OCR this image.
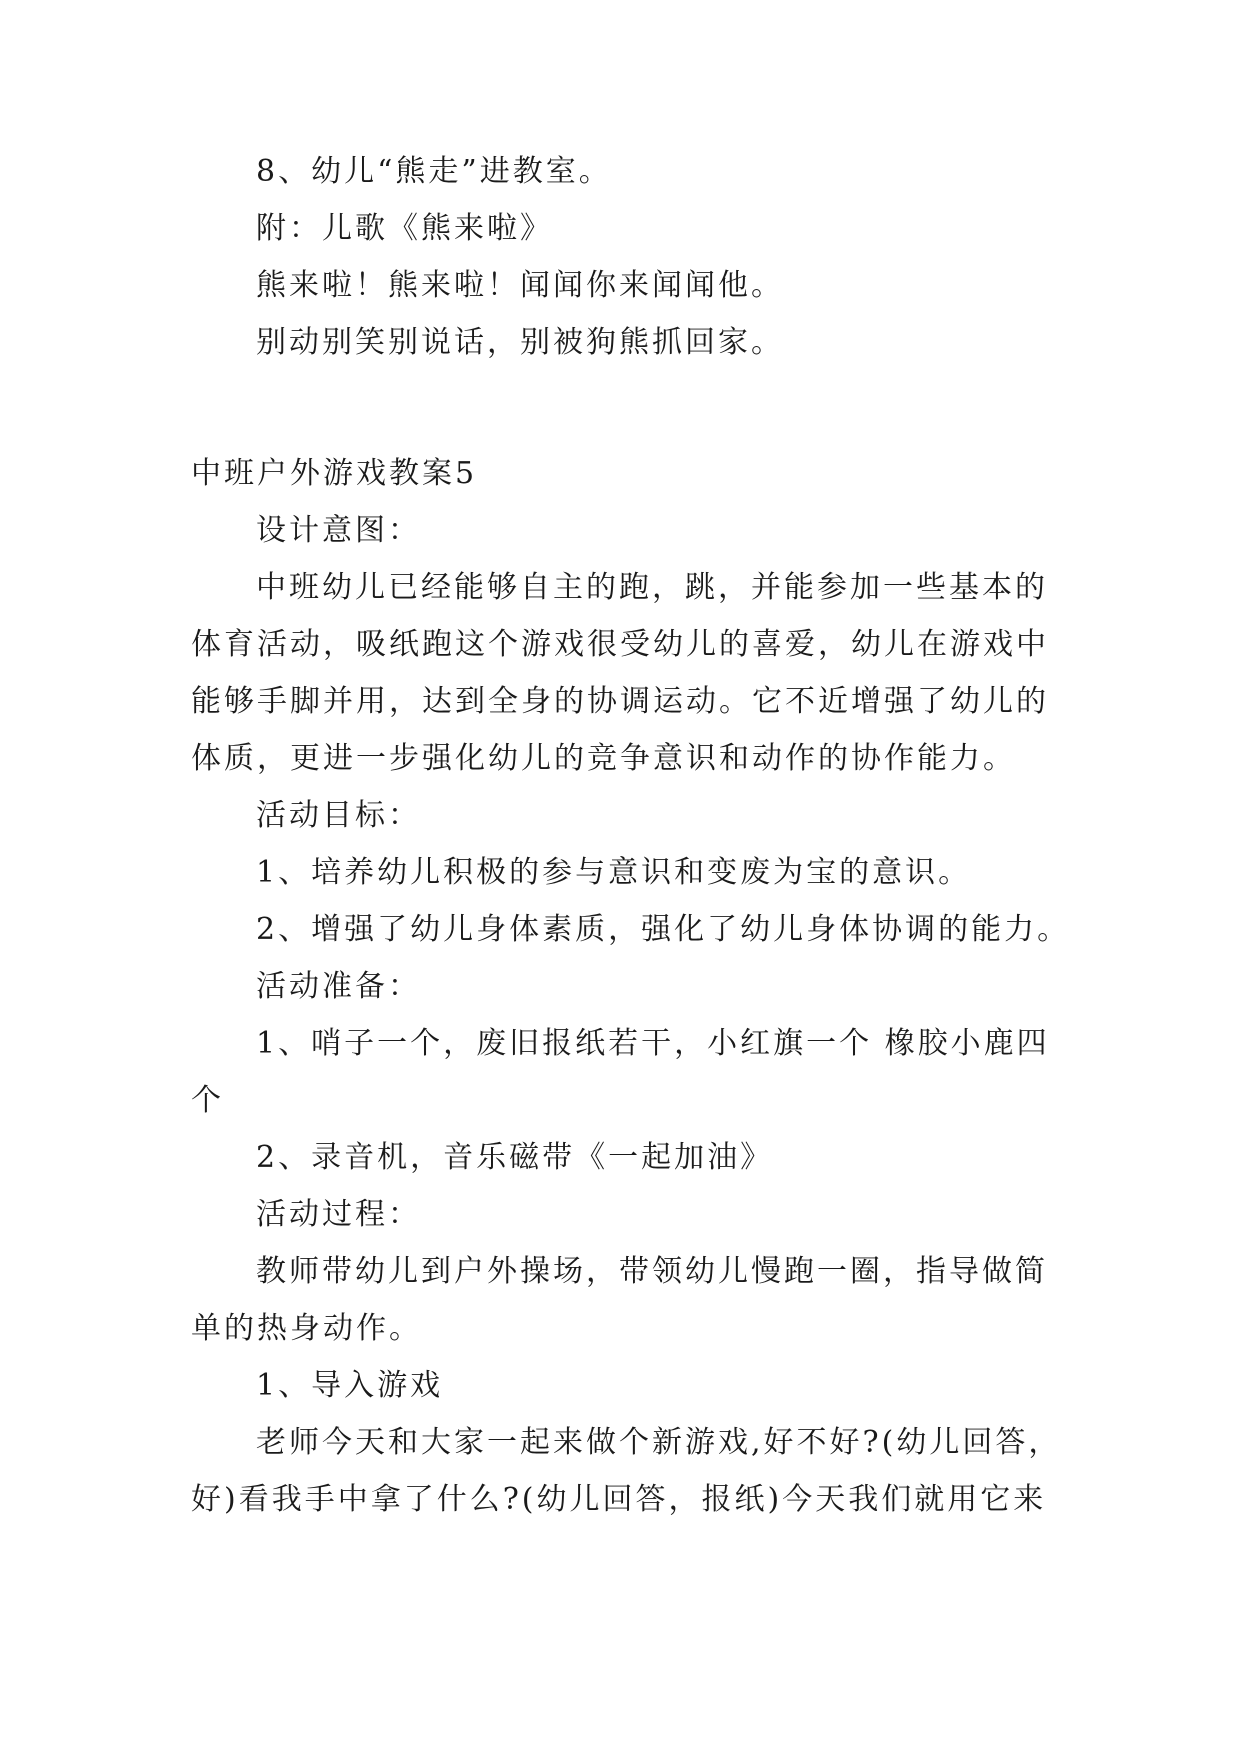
8、幼儿“熊走”进教室。

附：儿歌《熊来啦》

熊来啦！熊来啦！闻闻你来闻闻他。

别动别笑别说话，别被狗熊抓回家。

中班户外游戏教案5

设计意图：

中班幼儿已经能够自主的跑，跳，并能参加一些基本的

体育活动，吸纸跑这个游戏很受幼儿的喜爱，幼儿在游戏中

能够手脚并用，达到全身的协调运动。它不近增强了幼儿的

体质，更进一步强化幼儿的竞争意识和动作的协作能力。

活动目标：

1、培养幼儿积极的参与意识和变废为宝的意识。

2、增强了幼儿身体素质，强化了幼儿身体协调的能力。

活动准备：

1、哨子一个，废旧报纸若干，小红旗一个 橡胶小鹿四

个

2、录音机，音乐磁带《一起加油》

活动过程：

教师带幼儿到户外操场，带领幼儿慢跑一圈，指导做简

单的热身动作。

1、导入游戏

老师今天和大家一起来做个新游戏,好不好?(幼儿回答，

好)看我手中拿了什么?(幼儿回答，报纸)今天我们就用它来
